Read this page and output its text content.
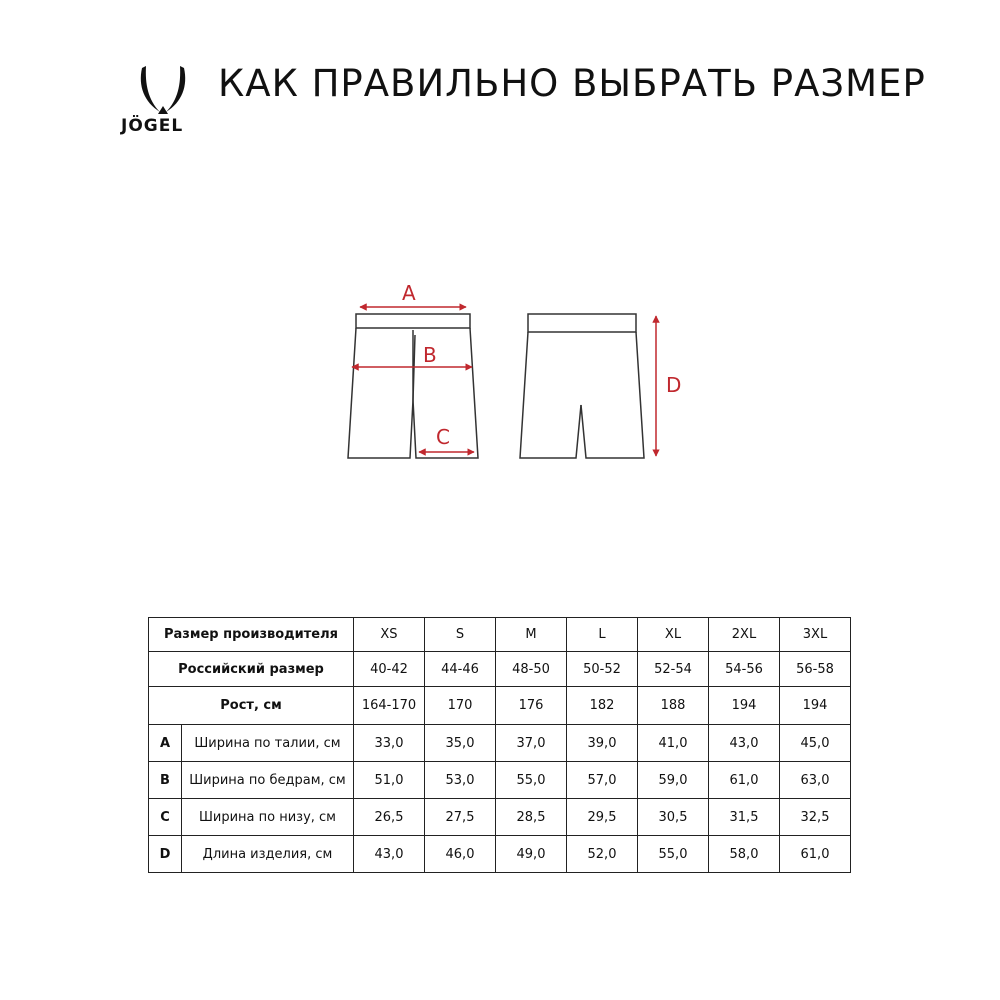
JÖGEL
КАК ПРАВИЛЬНО ВЫБРАТЬ РАЗМЕР
A
B
C
D
Размер производителя		XS	S	M	L	XL	2XL	3XL
Российский размер		40-42	44-46	48-50	50-52	52-54	54-56	56-58
Рост, см		164-170	170	176	182	188	194	194
A	Ширина по талии, см	33,0	35,0	37,0	39,0	41,0	43,0	45,0
B	Ширина по бедрам, см	51,0	53,0	55,0	57,0	59,0	61,0	63,0
C	Ширина по низу, см	26,5	27,5	28,5	29,5	30,5	31,5	32,5
D	Длина изделия, см	43,0	46,0	49,0	52,0	55,0	58,0	61,0
